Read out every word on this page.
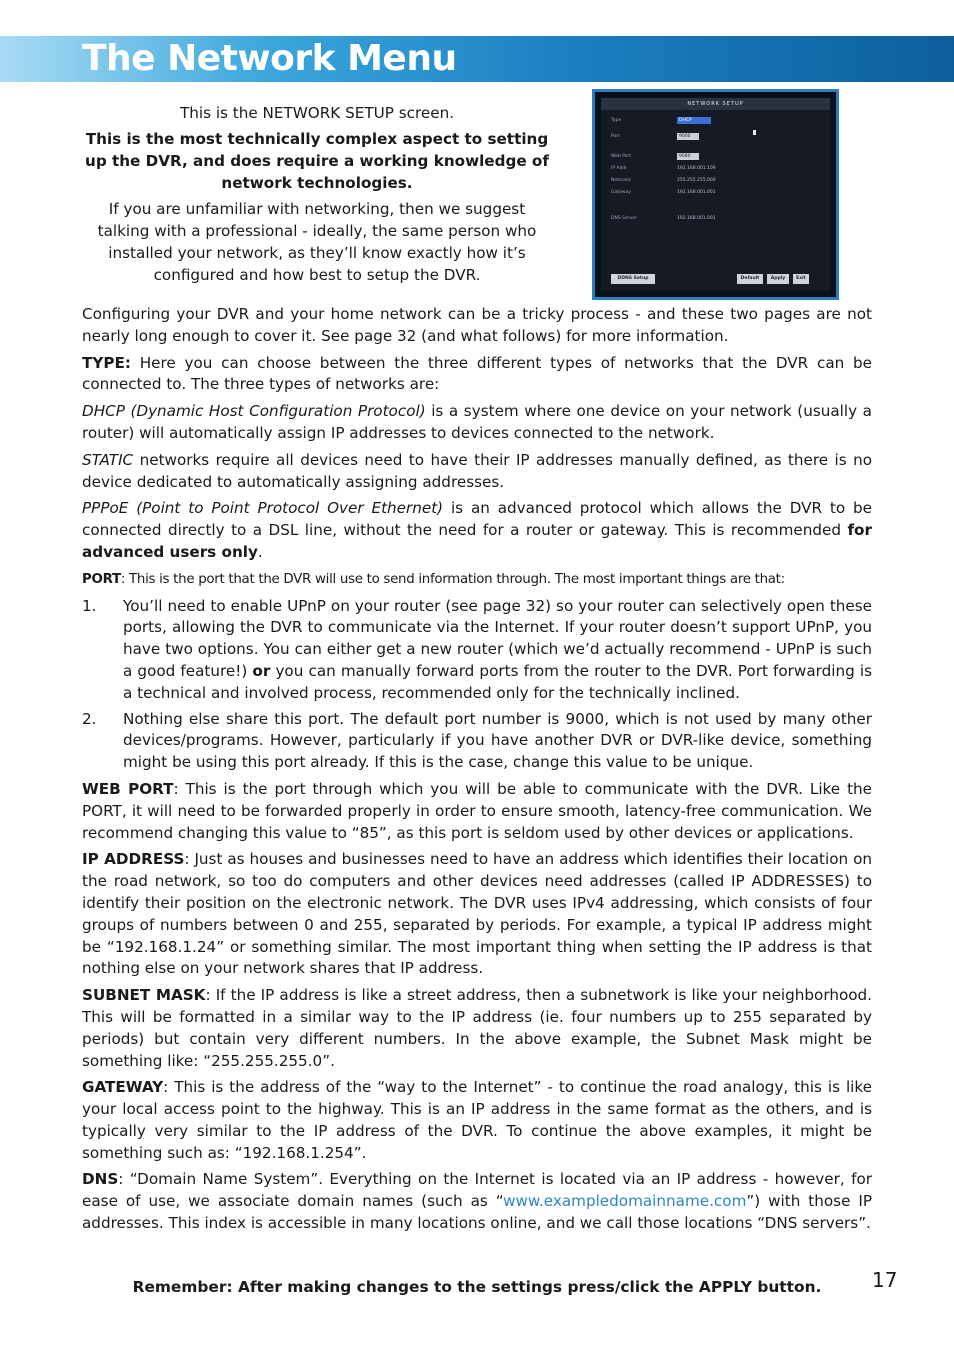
The Network Menu

This is the NETWORK SETUP screen.

This is the most technically complex aspect to setting up the DVR, and does require a working knowledge of network technologies.

If you are unfamiliar with networking, then we suggest talking with a professional - ideally, the same person who installed your network, as they’ll know exactly how it’s configured and how best to setup the DVR.

NETWORK SETUP
Type	DHCP
Port	9000
Web Port	9080
IP Addr	192.168.001.109
Netmask	255.255.255.000
Gateway	192.168.001.001
DNS Server	192.168.001.001
DDNS Setup	Default	Apply	Exit

Configuring your DVR and your home network can be a tricky process - and these two pages are not nearly long enough to cover it. See page 32 (and what follows) for more information.

TYPE: Here you can choose between the three different types of networks that the DVR can be connected to. The three types of networks are:

DHCP (Dynamic Host Configuration Protocol) is a system where one device on your network (usually a router) will automatically assign IP addresses to devices connected to the network.

STATIC networks require all devices need to have their IP addresses manually defined, as there is no device dedicated to automatically assigning addresses.

PPPoE (Point to Point Protocol Over Ethernet) is an advanced protocol which allows the DVR to be connected directly to a DSL line, without the need for a router or gateway. This is recommended for advanced users only.

PORT: This is the port that the DVR will use to send information through. The most important things are that:

1. You’ll need to enable UPnP on your router (see page 32) so your router can selectively open these ports, allowing the DVR to communicate via the Internet. If your router doesn’t support UPnP, you have two options. You can either get a new router (which we’d actually recommend - UPnP is such a good feature!) or you can manually forward ports from the router to the DVR. Port forwarding is a technical and involved process, recommended only for the technically inclined.
2. Nothing else share this port. The default port number is 9000, which is not used by many other devices/programs. However, particularly if you have another DVR or DVR-like device, something might be using this port already. If this is the case, change this value to be unique.

WEB PORT: This is the port through which you will be able to communicate with the DVR. Like the PORT, it will need to be forwarded properly in order to ensure smooth, latency-free communication. We recommend changing this value to “85”, as this port is seldom used by other devices or applications.

IP ADDRESS: Just as houses and businesses need to have an address which identifies their location on the road network, so too do computers and other devices need addresses (called IP ADDRESSES) to identify their position on the electronic network. The DVR uses IPv4 addressing, which consists of four groups of numbers between 0 and 255, separated by periods. For example, a typical IP address might be “192.168.1.24” or something similar. The most important thing when setting the IP address is that nothing else on your network shares that IP address.

SUBNET MASK: If the IP address is like a street address, then a subnetwork is like your neighborhood. This will be formatted in a similar way to the IP address (ie. four numbers up to 255 separated by periods) but contain very different numbers. In the above example, the Subnet Mask might be something like: “255.255.255.0”.

GATEWAY: This is the address of the “way to the Internet” - to continue the road analogy, this is like your local access point to the highway. This is an IP address in the same format as the others, and is typically very similar to the IP address of the DVR. To continue the above examples, it might be something such as: “192.168.1.254”.

DNS: “Domain Name System”. Everything on the Internet is located via an IP address - however, for ease of use, we associate domain names (such as “www.exampledomainname.com”) with those IP addresses. This index is accessible in many locations online, and we call those locations “DNS servers”.

Remember: After making changes to the settings press/click the APPLY button.	17
